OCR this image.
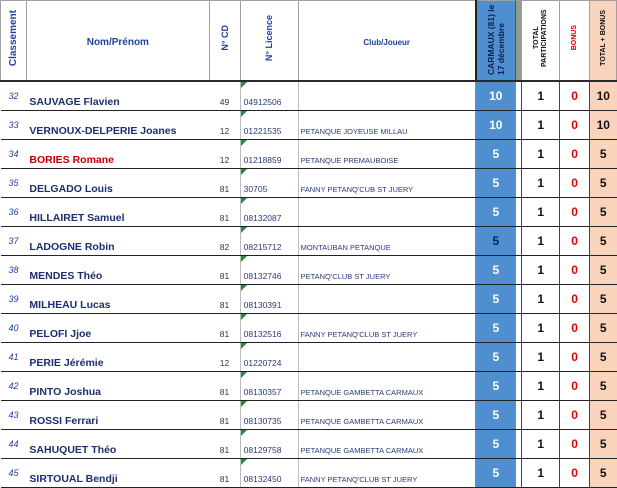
Classement	Nom/Prénom	N° CD	N° Licence	Club/Joueur	CARMAUX (81) le 17 décembre		TOTAL PARTICIPATIONS	BONUS	TOTAL + BONUS
32	SAUVAGE Flavien	49	04912506		10		1	0	10
33	VERNOUX-DELPERIE Joanes	12	01221535	PETANQUE JOYEUSE MILLAU	10		1	0	10
34	BORIES Romane	12	01218859	PETANQUE PREMAUBOISE	5		1	0	5
35	DELGADO Louis	81	30705	FANNY PETANQ'CUB ST JUERY	5		1	0	5
36	HILLAIRET Samuel	81	08132087		5		1	0	5
37	LADOGNE Robin	82	08215712	MONTAUBAN PETANQUE	5		1	0	5
38	MENDES Théo	81	08132746	PETANQ'CLUB ST JUERY	5		1	0	5
39	MILHEAU Lucas	81	08130391		5		1	0	5
40	PELOFI Jjoe	81	08132516	FANNY PETANQ'CLUB ST JUERY	5		1	0	5
41	PERIE Jérémie	12	01220724		5		1	0	5
42	PINTO Joshua	81	08130357	PETANQUE GAMBETTA CARMAUX	5		1	0	5
43	ROSSI Ferrari	81	08130735	PETANQUE GAMBETTA CARMAUX	5		1	0	5
44	SAHUQUET Théo	81	08129758	PETANQUE GAMBETTA CARMAUX	5		1	0	5
45	SIRTOUAL Bendji	81	08132450	FANNY PETANQ'CLUB ST JUERY	5		1	0	5
